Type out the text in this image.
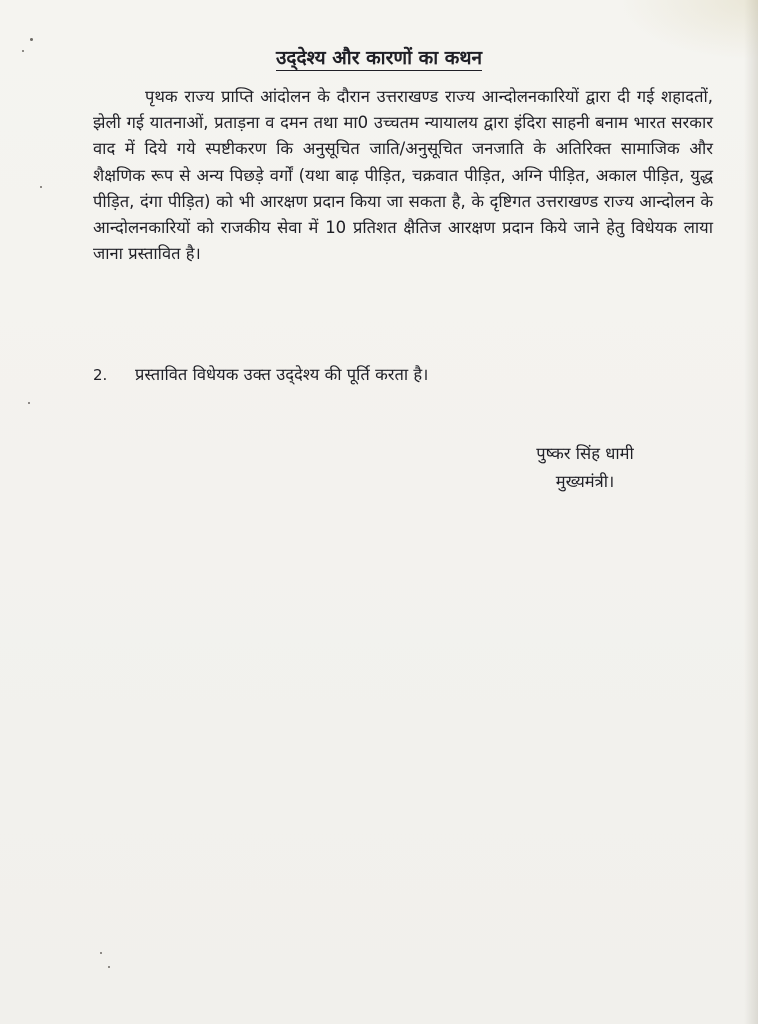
उद्‌देश्य और कारणों का कथन

पृथक राज्य प्राप्ति आंदोलन के दौरान उत्तराखण्ड राज्य आन्दोलनकारियों द्वारा दी गई शहादतों, झेली गई यातनाओं, प्रताड़ना व दमन तथा मा0 उच्चतम न्यायालय द्वारा इंदिरा साहनी बनाम भारत सरकार वाद में दिये गये स्पष्टीकरण कि अनुसूचित जाति/अनुसूचित जनजाति के अतिरिक्त सामाजिक और शैक्षणिक रूप से अन्य पिछड़े वर्गों (यथा बाढ़ पीड़ित, चक्रवात पीड़ित, अग्नि पीड़ित, अकाल पीड़ित, युद्ध पीड़ित, दंगा पीड़ित) को भी आरक्षण प्रदान किया जा सकता है, के दृष्टिगत उत्तराखण्ड राज्य आन्दोलन के आन्दोलनकारियों को राजकीय सेवा में 10 प्रतिशत क्षैतिज आरक्षण प्रदान किये जाने हेतु विधेयक लाया जाना प्रस्तावित है।

2.	प्रस्तावित विधेयक उक्त उद्‌देश्य की पूर्ति करता है।
पुष्कर सिंह धामी
मुख्यमंत्री।
